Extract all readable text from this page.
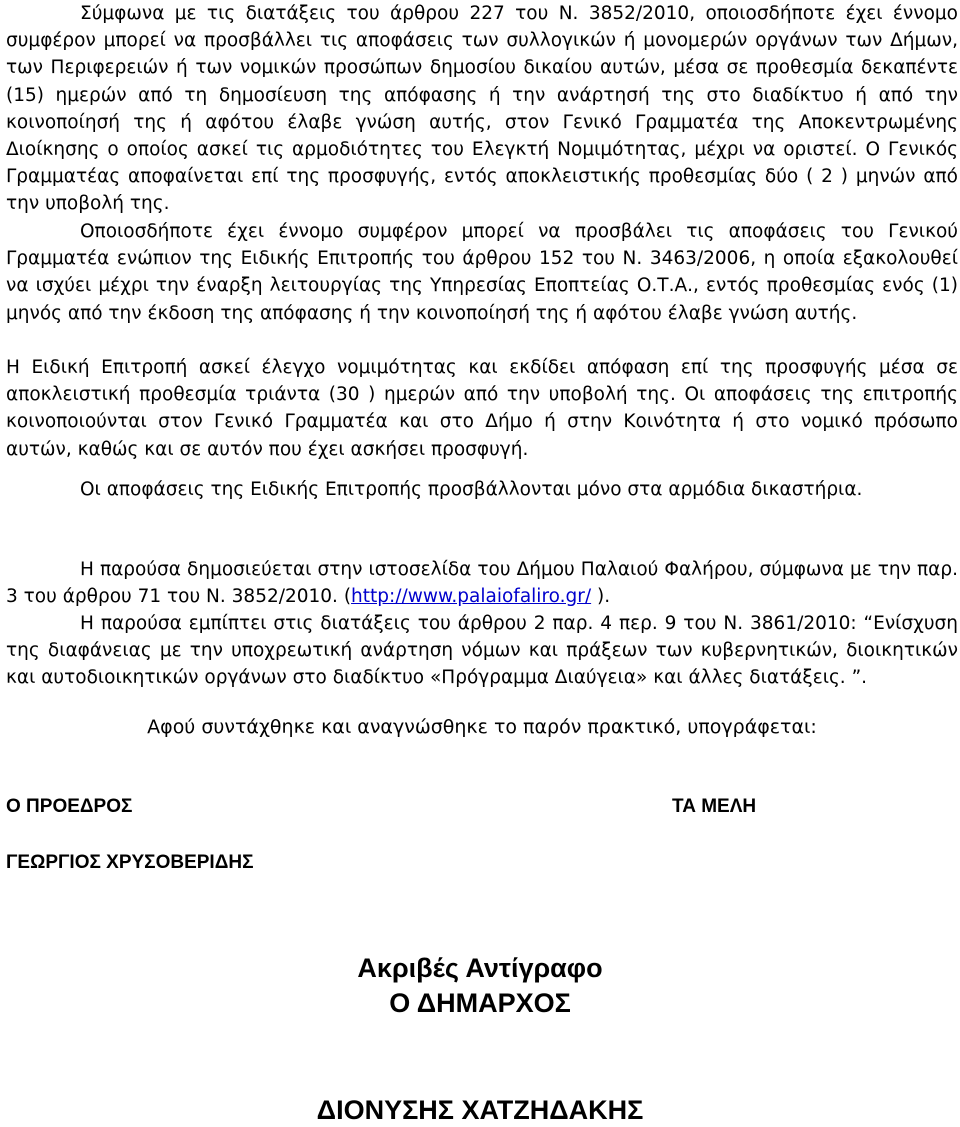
Σύμφωνα με τις διατάξεις του άρθρου 227 του Ν. 3852/2010, οποιοσδήποτε έχει έννομο συμφέρον μπορεί να προσβάλλει τις αποφάσεις των συλλογικών ή μονομερών οργάνων των Δήμων, των Περιφερειών ή των νομικών προσώπων δημοσίου δικαίου αυτών, μέσα σε προθεσμία δεκαπέντε (15) ημερών από τη δημοσίευση της απόφασης ή την ανάρτησή της στο διαδίκτυο ή από την κοινοποίησή της ή αφότου έλαβε γνώση αυτής, στον Γενικό Γραμματέα της Αποκεντρωμένης Διοίκησης ο οποίος ασκεί τις αρμοδιότητες του Ελεγκτή Νομιμότητας, μέχρι να οριστεί. Ο Γενικός Γραμματέας αποφαίνεται επί της προσφυγής, εντός αποκλειστικής προθεσμίας δύο ( 2 ) μηνών από την υποβολή της.

Οποιοσδήποτε έχει έννομο συμφέρον μπορεί να προσβάλει τις αποφάσεις του Γενικού Γραμματέα ενώπιον της Ειδικής Επιτροπής του άρθρου 152 του Ν. 3463/2006, η οποία εξακολουθεί να ισχύει μέχρι την έναρξη λειτουργίας της Υπηρεσίας Εποπτείας Ο.Τ.Α., εντός προθεσμίας ενός (1) μηνός από την έκδοση της απόφασης ή την κοινοποίησή της ή αφότου έλαβε γνώση αυτής.

Η Ειδική Επιτροπή ασκεί έλεγχο νομιμότητας και εκδίδει απόφαση επί της προσφυγής μέσα σε αποκλειστική προθεσμία τριάντα (30 ) ημερών από την υποβολή της. Οι αποφάσεις της επιτροπής κοινοποιούνται στον Γενικό Γραμματέα και στο Δήμο ή στην Κοινότητα ή στο νομικό πρόσωπο αυτών, καθώς και σε αυτόν που έχει ασκήσει προσφυγή.

Οι αποφάσεις της Ειδικής Επιτροπής προσβάλλονται μόνο στα αρμόδια δικαστήρια.

Η παρούσα δημοσιεύεται στην ιστοσελίδα του Δήμου Παλαιού Φαλήρου, σύμφωνα με την παρ. 3 του άρθρου 71 του Ν. 3852/2010. (http://www.palaiofaliro.gr/ ).

Η παρούσα εμπίπτει στις διατάξεις του άρθρου 2 παρ. 4 περ. 9 του Ν. 3861/2010: “Ενίσχυση της διαφάνειας με την υποχρεωτική ανάρτηση νόμων και πράξεων των κυβερνητικών, διοικητικών και αυτοδιοικητικών οργάνων στο διαδίκτυο «Πρόγραμμα Διαύγεια» και άλλες διατάξεις. ”.

Αφού συντάχθηκε και αναγνώσθηκε το παρόν πρακτικό, υπογράφεται:

Ο ΠΡΟΕΔΡΟΣ	ΤΑ ΜΕΛΗ
ΓΕΩΡΓΙΟΣ ΧΡΥΣΟΒΕΡΙΔΗΣ
Ακριβές Αντίγραφο
Ο ΔΗΜΑΡΧΟΣ
ΔΙΟΝΥΣΗΣ ΧΑΤΖΗΔΑΚΗΣ
